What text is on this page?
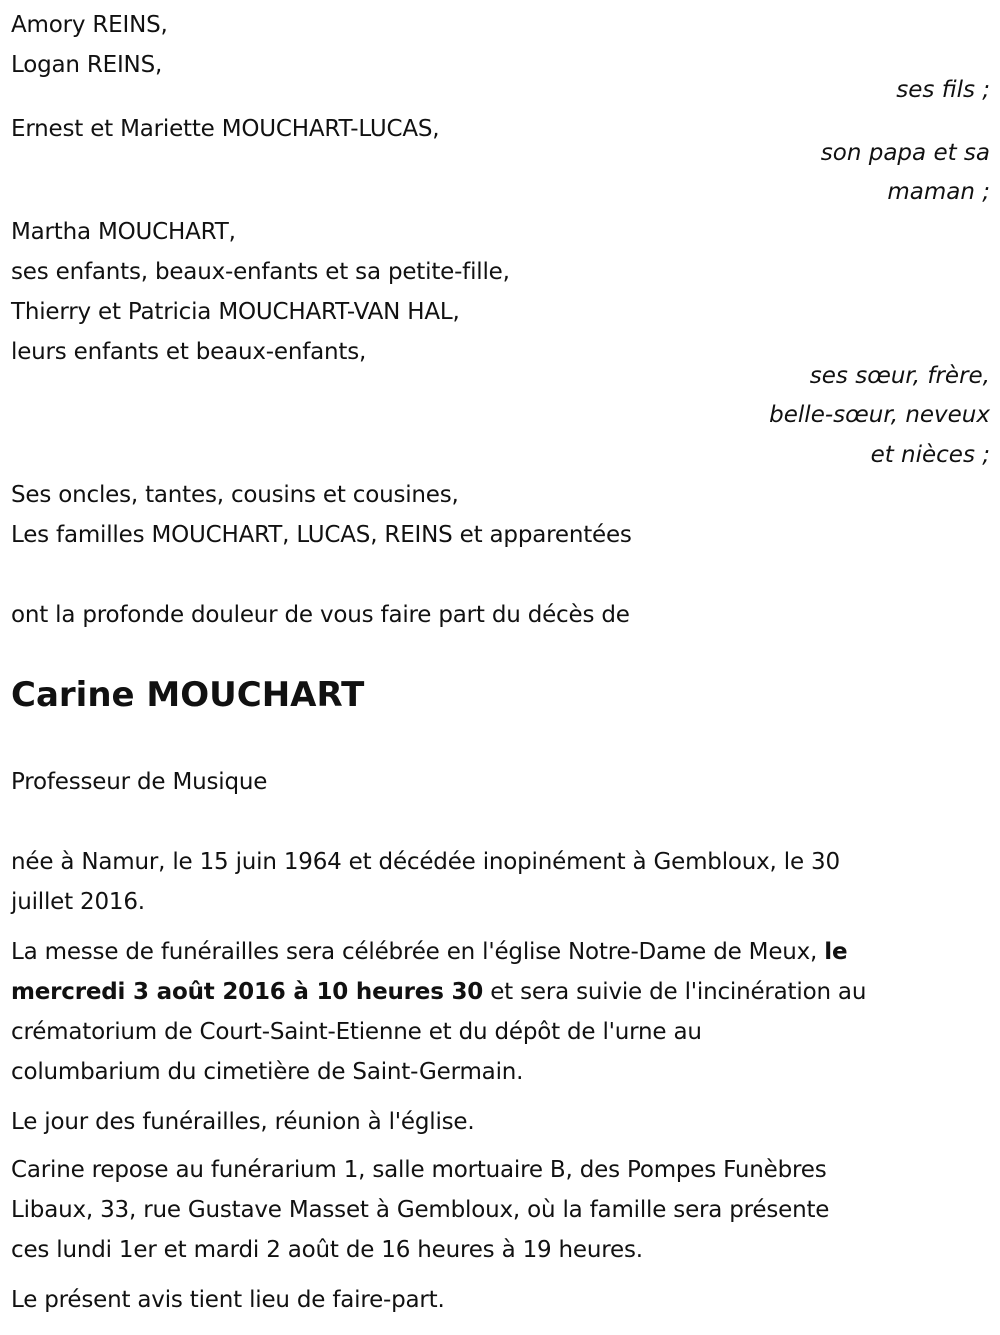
Amory REINS,
Logan REINS,
ses fils ;
Ernest et Mariette MOUCHART-LUCAS,
son papa et sa
maman ;
Martha MOUCHART,
ses enfants, beaux-enfants et sa petite-fille,
Thierry et Patricia MOUCHART-VAN HAL,
leurs enfants et beaux-enfants,
ses sœur, frère,
belle-sœur, neveux
et nièces ;
Ses oncles, tantes, cousins et cousines,
Les familles MOUCHART, LUCAS, REINS et apparentées
ont la profonde douleur de vous faire part du décès de
Carine MOUCHART
Professeur de Musique
née à Namur, le 15 juin 1964 et décédée inopinément à Gembloux, le 30
juillet 2016.
La messe de funérailles sera célébrée en l'église Notre-Dame de Meux, le
mercredi 3 août 2016 à 10 heures 30 et sera suivie de l'incinération au
crématorium de Court-Saint-Etienne et du dépôt de l'urne au
columbarium du cimetière de Saint-Germain.
Le jour des funérailles, réunion à l'église.
Carine repose au funérarium 1, salle mortuaire B, des Pompes Funèbres
Libaux, 33, rue Gustave Masset à Gembloux, où la famille sera présente
ces lundi 1er et mardi 2 août de 16 heures à 19 heures.
Le présent avis tient lieu de faire-part.
